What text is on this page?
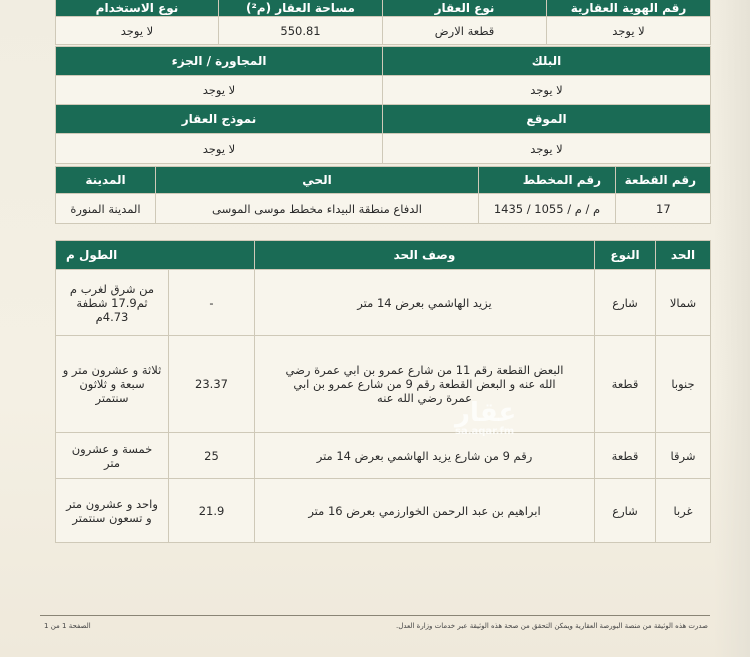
رقم الهوية العقارية	نوع العقار	مساحة العقار (م²)	نوع الاستخدام
لا يوجد	قطعة الارض	550.81	لا يوجد
البلك	المجاورة / الجزء
لا يوجد	لا يوجد
الموقع	نموذج العقار
لا يوجد	لا يوجد
رقم القطعة	رقم المخطط	الحي	المدينة
17	م / م / 1055 / 1435	الدفاع منطقة البيداء مخطط موسى الموسى	المدينة المنورة
الحد	النوع	وصف الحد	الطول م	
شمالا	شارع	يزيد الهاشمي بعرض 14 متر	-	من شرق لغرب م ثم17.9 شطفة 4.73م
جنوبا	قطعة	البعض القطعة رقم 11 من شارع عمرو بن ابي عمرة رضي الله عنه و البعض القطعة رقم 9 من شارع عمرو بن ابي عمرة رضي الله عنه	23.37	ثلاثة و عشرون متر و سبعة و ثلاثون سنتمتر
شرقا	قطعة	رقم 9 من شارع يزيد الهاشمي بعرض 14 متر	25	خمسة و عشرون متر
غربا	شارع	ابراهيم بن عبد الرحمن الخوارزمي بعرض 16 متر	21.9	واحد و عشرون متر و تسعون سنتمتر
عقار
sa.aqar.fm
صدرت هذه الوثيقة من منصة البورصة العقارية ويمكن التحقق من صحة هذه الوثيقة عبر خدمات وزارة العدل.
الصفحة 1 من 1
